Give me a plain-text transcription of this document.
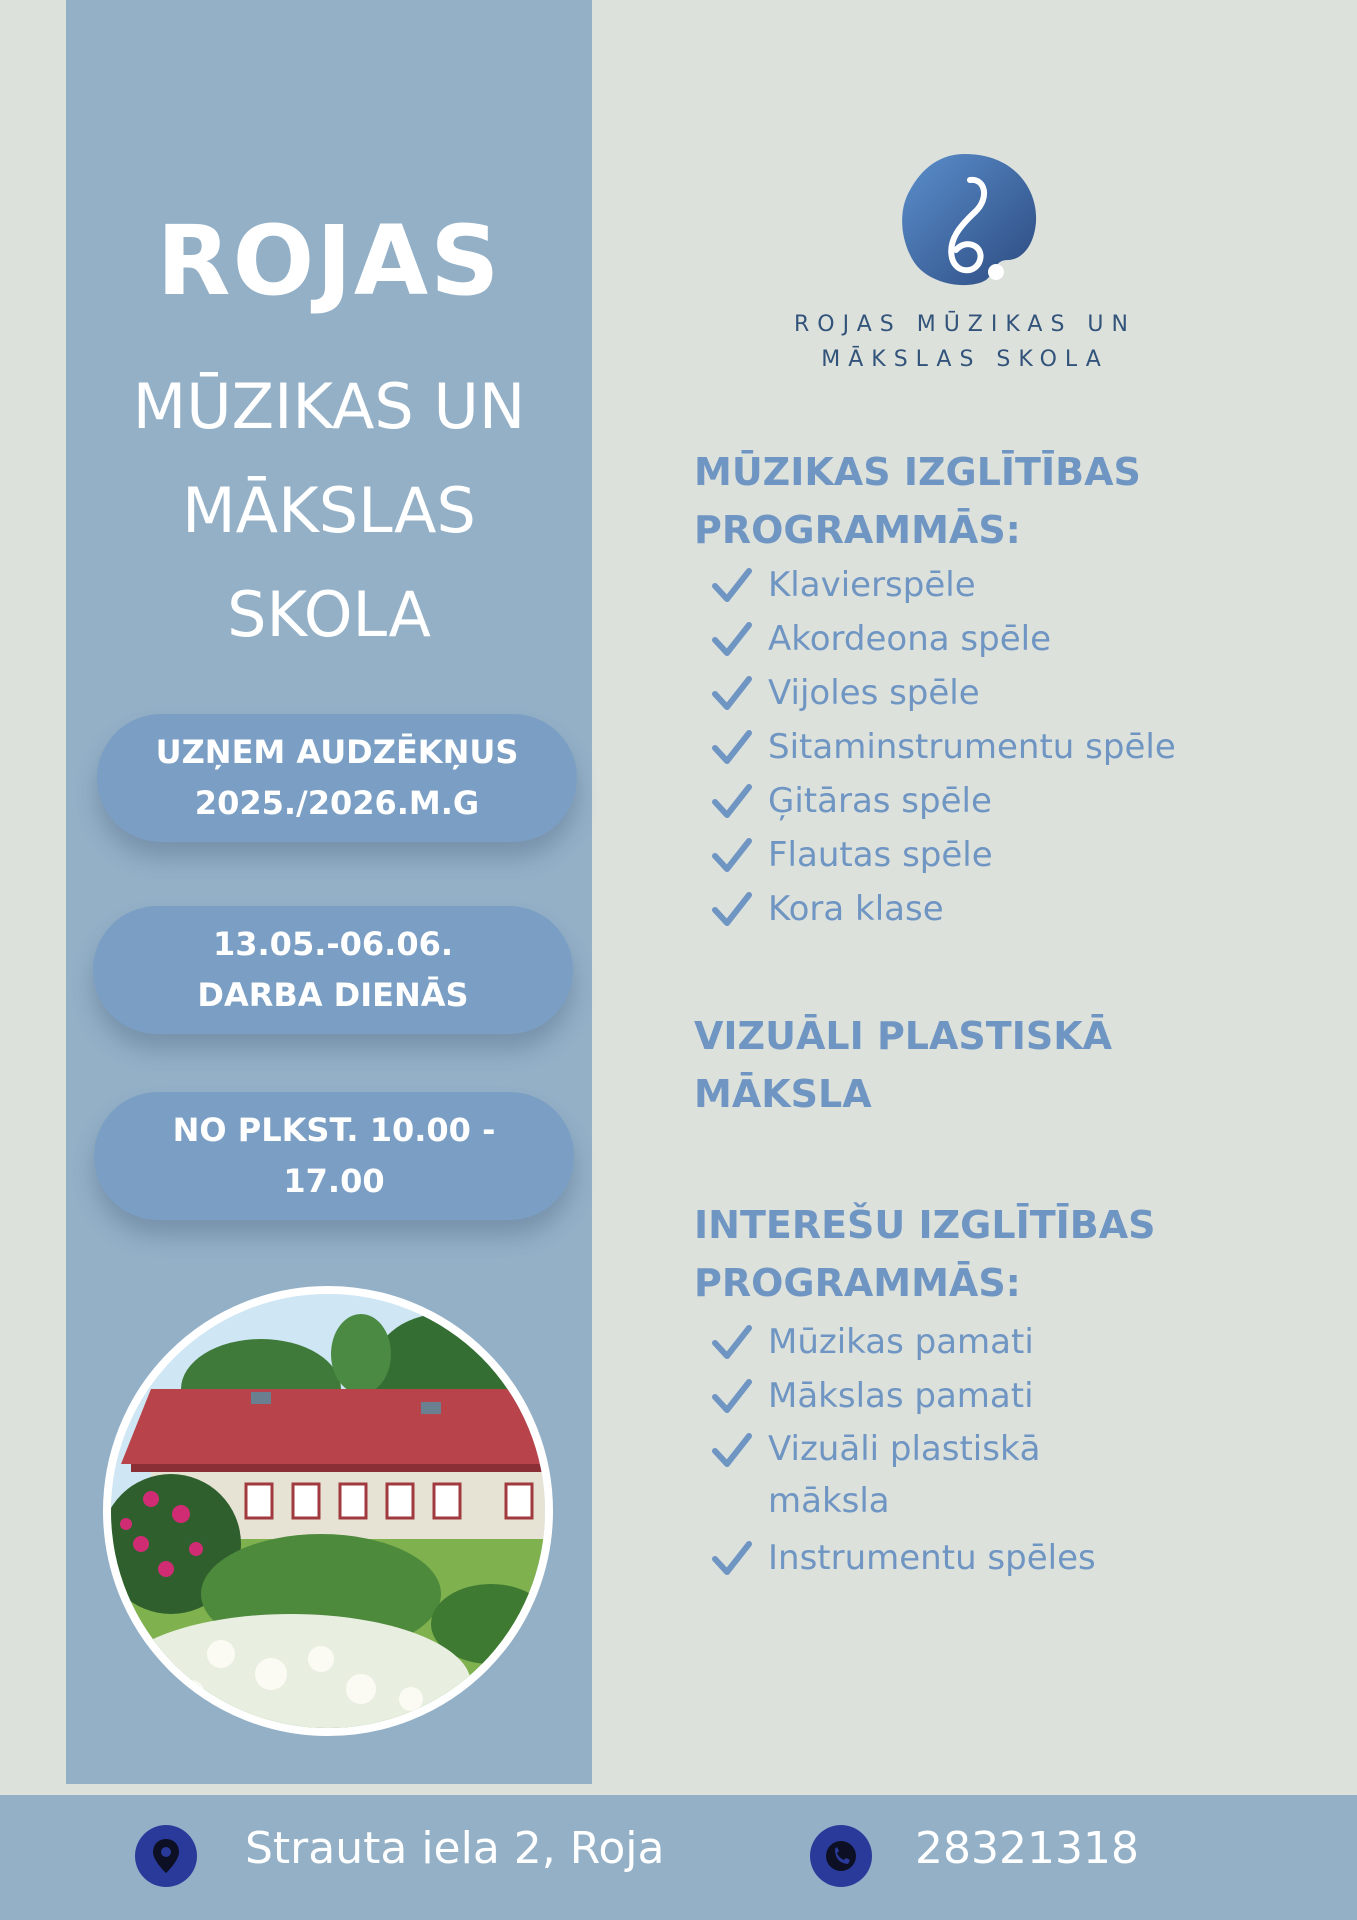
ROJAS
MŪZIKAS UN
MĀKSLAS
SKOLA
UZŅEM AUDZĒKŅUS
2025./2026.M.G
13.05.-06.06.
DARBA DIENĀS
NO PLKST. 10.00 -
17.00
ROJAS MŪZIKAS UN
MĀKSLAS SKOLA
MŪZIKAS IZGLĪTĪBAS
PROGRAMMĀS:
Klavierspēle
Akordeona spēle
Vijoles spēle
Sitaminstrumentu spēle
Ģitāras spēle
Flautas spēle
Kora klase
VIZUĀLI PLASTISKĀ
MĀKSLA
INTEREŠU IZGLĪTĪBAS
PROGRAMMĀS:
Mūzikas pamati
Mākslas pamati
Vizuāli plastiskā māksla
Instrumentu spēles
Strauta iela 2, Roja	28321318
